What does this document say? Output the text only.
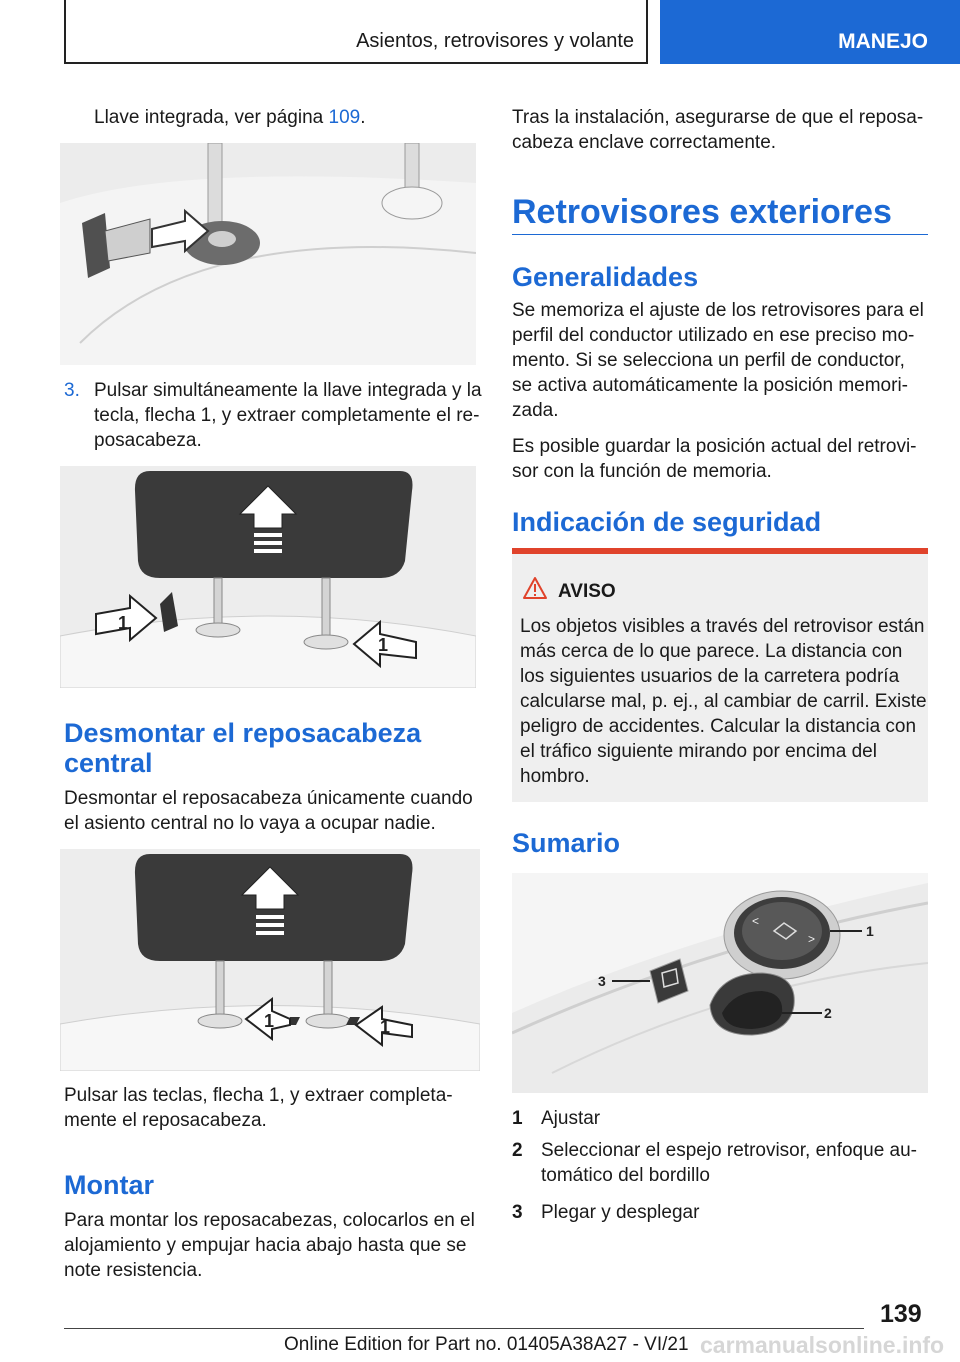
Asientos, retrovisores y volante	MANEJO
Llave integrada, ver página 109.
3. Pulsar simultáneamente la llave integrada y la
tecla, flecha 1, y extraer completamente el re-
posacabeza.
1
1
Desmontar el reposacabeza
central
Desmontar el reposacabeza únicamente cuando
el asiento central no lo vaya a ocupar nadie.
1	1
Pulsar las teclas, flecha 1, y extraer completa-
mente el reposacabeza.
Montar
Para montar los reposacabezas, colocarlos en el
alojamiento y empujar hacia abajo hasta que se
note resistencia.
Tras la instalación, asegurarse de que el reposa-
cabeza enclave correctamente.
Retrovisores exteriores
Generalidades
Se memoriza el ajuste de los retrovisores para el
perfil del conductor utilizado en ese preciso mo-
mento. Si se selecciona un perfil de conductor,
se activa automáticamente la posición memori-
zada.
Es posible guardar la posición actual del retrovi-
sor con la función de memoria.
Indicación de seguridad
AVISO
Los objetos visibles a través del retrovisor están
más cerca de lo que parece. La distancia con
los siguientes usuarios de la carretera podría
calcularse mal, p. ej., al cambiar de carril. Existe
peligro de accidentes. Calcular la distancia con
el tráfico siguiente mirando por encima del
hombro.
Sumario
<
>	1
2
3
1 Ajustar
2 Seleccionar el espejo retrovisor, enfoque au-
tomático del bordillo
3 Plegar y desplegar
139
Online Edition for Part no. 01405A38A27 - VI/21 carmanualsonline.info
